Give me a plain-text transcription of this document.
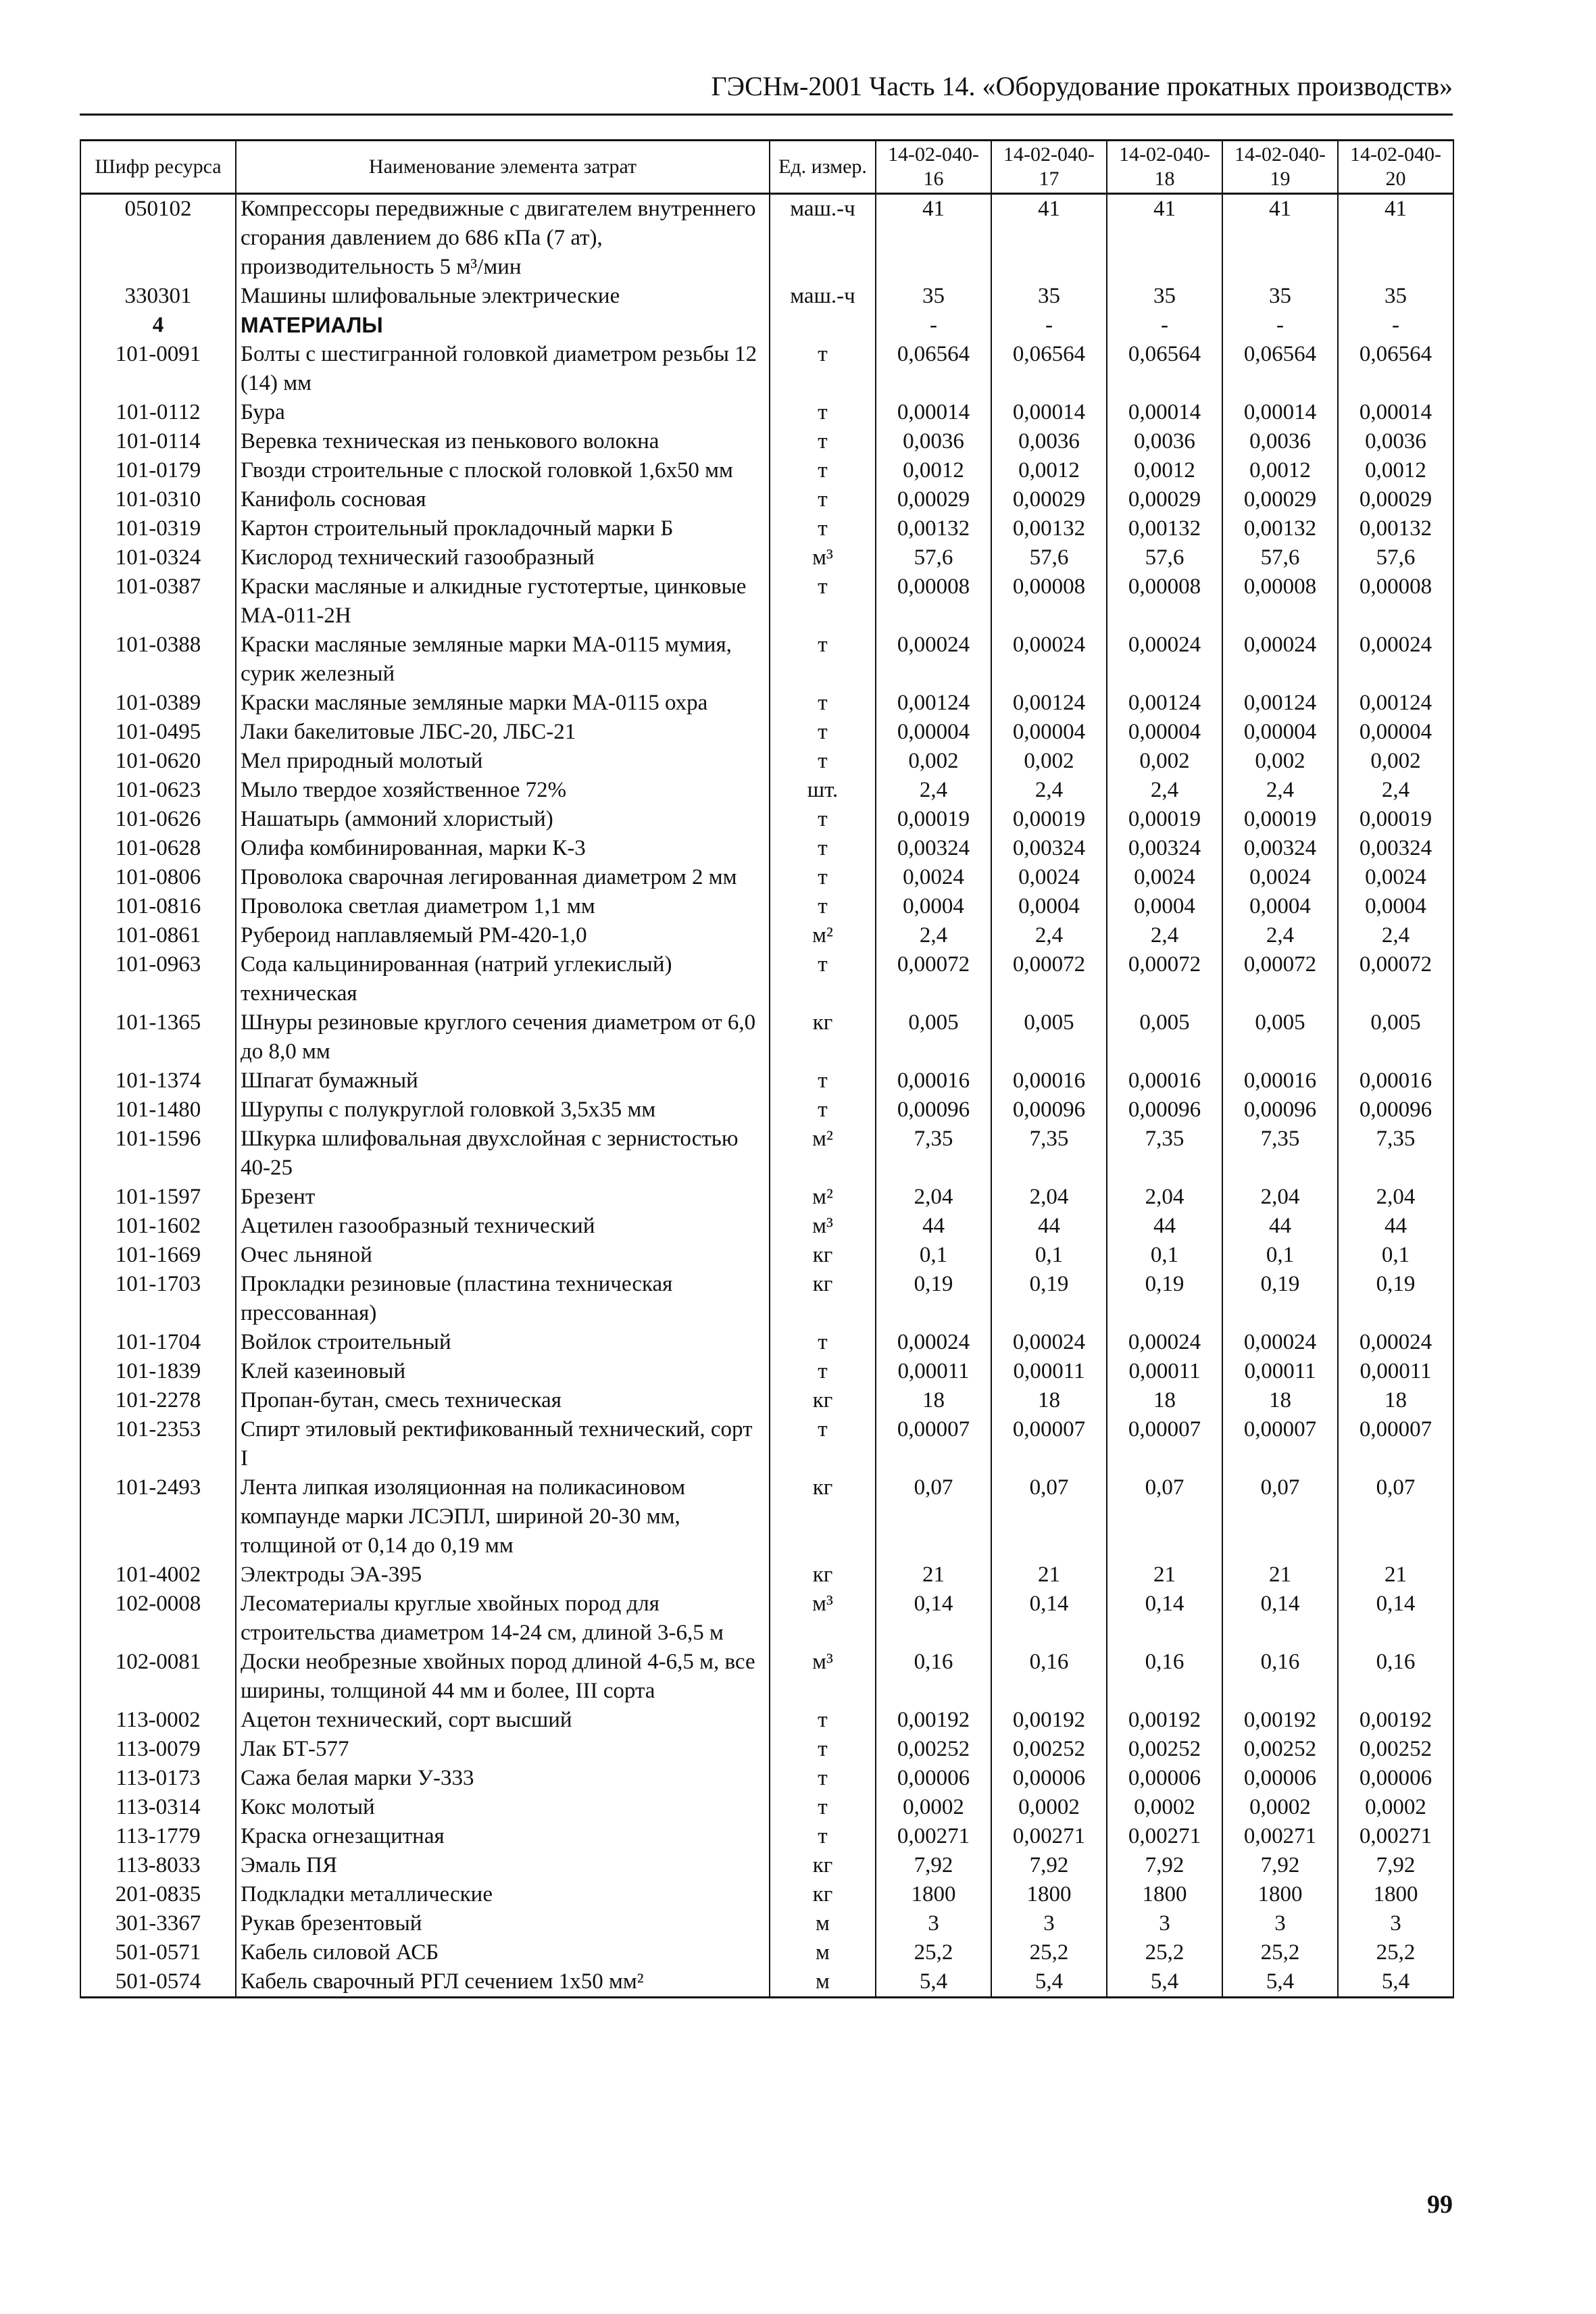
ГЭСНм-2001 Часть 14. «Оборудование прокатных производств»
Шифр ресурса	Наименование элемента затрат	Ед. измер.	14-02-040-16	14-02-040-17	14-02-040-18	14-02-040-19	14-02-040-20
050102	Компрессоры передвижные с двигателем внутреннего сгорания давлением до 686 кПа (7 ат), производительность 5 м³/мин	маш.-ч	41	41	41	41	41
330301	Машины шлифовальные электрические	маш.-ч	35	35	35	35	35
4	МАТЕРИАЛЫ		-	-	-	-	-
101-0091	Болты с шестигранной головкой диаметром резьбы 12 (14) мм	т	0,06564	0,06564	0,06564	0,06564	0,06564
101-0112	Бура	т	0,00014	0,00014	0,00014	0,00014	0,00014
101-0114	Веревка техническая из пенькового волокна	т	0,0036	0,0036	0,0036	0,0036	0,0036
101-0179	Гвозди строительные с плоской головкой 1,6х50 мм	т	0,0012	0,0012	0,0012	0,0012	0,0012
101-0310	Канифоль сосновая	т	0,00029	0,00029	0,00029	0,00029	0,00029
101-0319	Картон строительный прокладочный марки Б	т	0,00132	0,00132	0,00132	0,00132	0,00132
101-0324	Кислород технический газообразный	м³	57,6	57,6	57,6	57,6	57,6
101-0387	Краски масляные и алкидные густотертые, цинковые МА-011-2Н	т	0,00008	0,00008	0,00008	0,00008	0,00008
101-0388	Краски масляные земляные марки МА-0115 мумия, сурик железный	т	0,00024	0,00024	0,00024	0,00024	0,00024
101-0389	Краски масляные земляные марки МА-0115 охра	т	0,00124	0,00124	0,00124	0,00124	0,00124
101-0495	Лаки бакелитовые ЛБС-20, ЛБС-21	т	0,00004	0,00004	0,00004	0,00004	0,00004
101-0620	Мел природный молотый	т	0,002	0,002	0,002	0,002	0,002
101-0623	Мыло твердое хозяйственное 72%	шт.	2,4	2,4	2,4	2,4	2,4
101-0626	Нашатырь (аммоний хлористый)	т	0,00019	0,00019	0,00019	0,00019	0,00019
101-0628	Олифа комбинированная, марки К-3	т	0,00324	0,00324	0,00324	0,00324	0,00324
101-0806	Проволока сварочная легированная диаметром 2 мм	т	0,0024	0,0024	0,0024	0,0024	0,0024
101-0816	Проволока светлая диаметром 1,1 мм	т	0,0004	0,0004	0,0004	0,0004	0,0004
101-0861	Рубероид наплавляемый РМ-420-1,0	м²	2,4	2,4	2,4	2,4	2,4
101-0963	Сода кальцинированная (натрий углекислый) техническая	т	0,00072	0,00072	0,00072	0,00072	0,00072
101-1365	Шнуры резиновые круглого сечения диаметром от 6,0 до 8,0 мм	кг	0,005	0,005	0,005	0,005	0,005
101-1374	Шпагат бумажный	т	0,00016	0,00016	0,00016	0,00016	0,00016
101-1480	Шурупы с полукруглой головкой 3,5х35 мм	т	0,00096	0,00096	0,00096	0,00096	0,00096
101-1596	Шкурка шлифовальная двухслойная с зернистостью 40-25	м²	7,35	7,35	7,35	7,35	7,35
101-1597	Брезент	м²	2,04	2,04	2,04	2,04	2,04
101-1602	Ацетилен газообразный технический	м³	44	44	44	44	44
101-1669	Очес льняной	кг	0,1	0,1	0,1	0,1	0,1
101-1703	Прокладки резиновые (пластина техническая прессованная)	кг	0,19	0,19	0,19	0,19	0,19
101-1704	Войлок строительный	т	0,00024	0,00024	0,00024	0,00024	0,00024
101-1839	Клей казеиновый	т	0,00011	0,00011	0,00011	0,00011	0,00011
101-2278	Пропан-бутан, смесь техническая	кг	18	18	18	18	18
101-2353	Спирт этиловый ректификованный технический, сорт I	т	0,00007	0,00007	0,00007	0,00007	0,00007
101-2493	Лента липкая изоляционная на поликасиновом компаунде марки ЛСЭПЛ, шириной 20-30 мм, толщиной от 0,14 до 0,19 мм	кг	0,07	0,07	0,07	0,07	0,07
101-4002	Электроды ЭА-395	кг	21	21	21	21	21
102-0008	Лесоматериалы круглые хвойных пород для строительства диаметром 14-24 см, длиной 3-6,5 м	м³	0,14	0,14	0,14	0,14	0,14
102-0081	Доски необрезные хвойных пород длиной 4-6,5 м, все ширины, толщиной 44 мм и более, III сорта	м³	0,16	0,16	0,16	0,16	0,16
113-0002	Ацетон технический, сорт высший	т	0,00192	0,00192	0,00192	0,00192	0,00192
113-0079	Лак БТ-577	т	0,00252	0,00252	0,00252	0,00252	0,00252
113-0173	Сажа белая марки У-333	т	0,00006	0,00006	0,00006	0,00006	0,00006
113-0314	Кокс молотый	т	0,0002	0,0002	0,0002	0,0002	0,0002
113-1779	Краска огнезащитная	т	0,00271	0,00271	0,00271	0,00271	0,00271
113-8033	Эмаль ПЯ	кг	7,92	7,92	7,92	7,92	7,92
201-0835	Подкладки металлические	кг	1800	1800	1800	1800	1800
301-3367	Рукав брезентовый	м	3	3	3	3	3
501-0571	Кабель силовой АСБ	м	25,2	25,2	25,2	25,2	25,2
501-0574	Кабель сварочный РГЛ сечением 1х50 мм²	м	5,4	5,4	5,4	5,4	5,4
99
